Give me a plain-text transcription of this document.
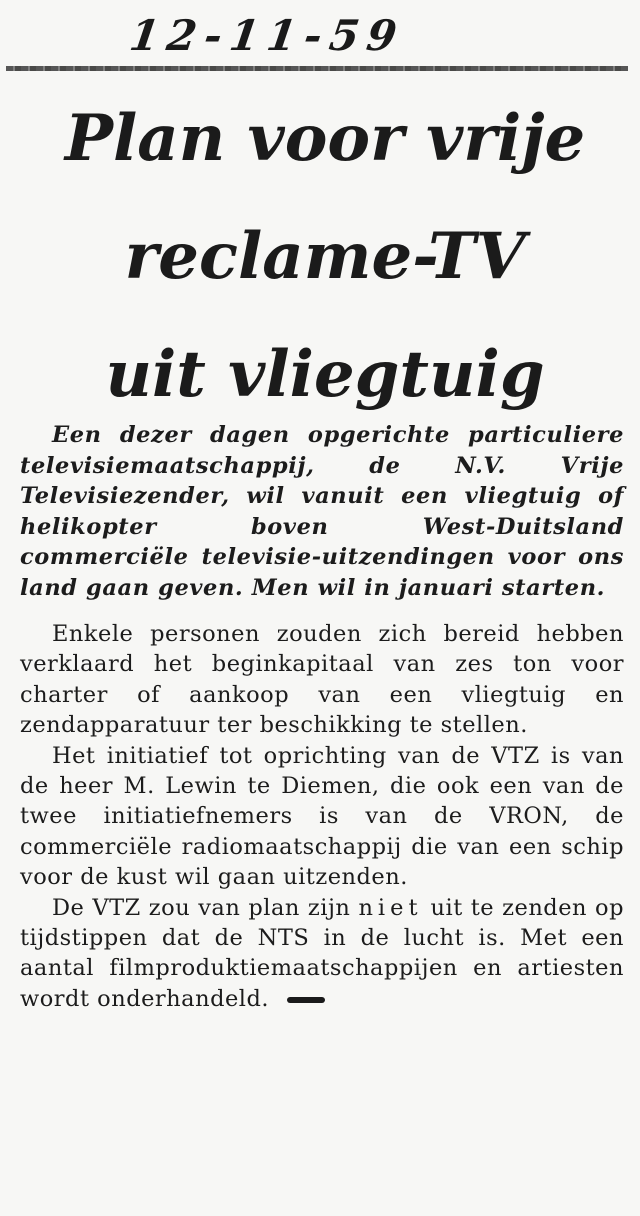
12-11-59
Plan voor vrije
reclame-TV
uit vliegtuig

Een dezer dagen opgerichte particuliere televisiemaatschappij, de N.V. Vrije Televisiezender, wil vanuit een vliegtuig of helikopter boven West-Duitsland commerciële televisie-uitzendingen voor ons land gaan geven. Men wil in januari starten.

Enkele personen zouden zich bereid hebben verklaard het beginkapitaal van zes ton voor charter of aankoop van een vliegtuig en zendapparatuur ter beschikking te stellen.

Het initiatief tot oprichting van de VTZ is van de heer M. Lewin te Diemen, die ook een van de twee initiatiefnemers is van de VRON, de commerciële radiomaatschappij die van een schip voor de kust wil gaan uitzenden.

De VTZ zou van plan zijn niet uit te zenden op tijdstippen dat de NTS in de lucht is. Met een aantal filmproduktiemaatschappijen en artiesten wordt onderhandeld.
